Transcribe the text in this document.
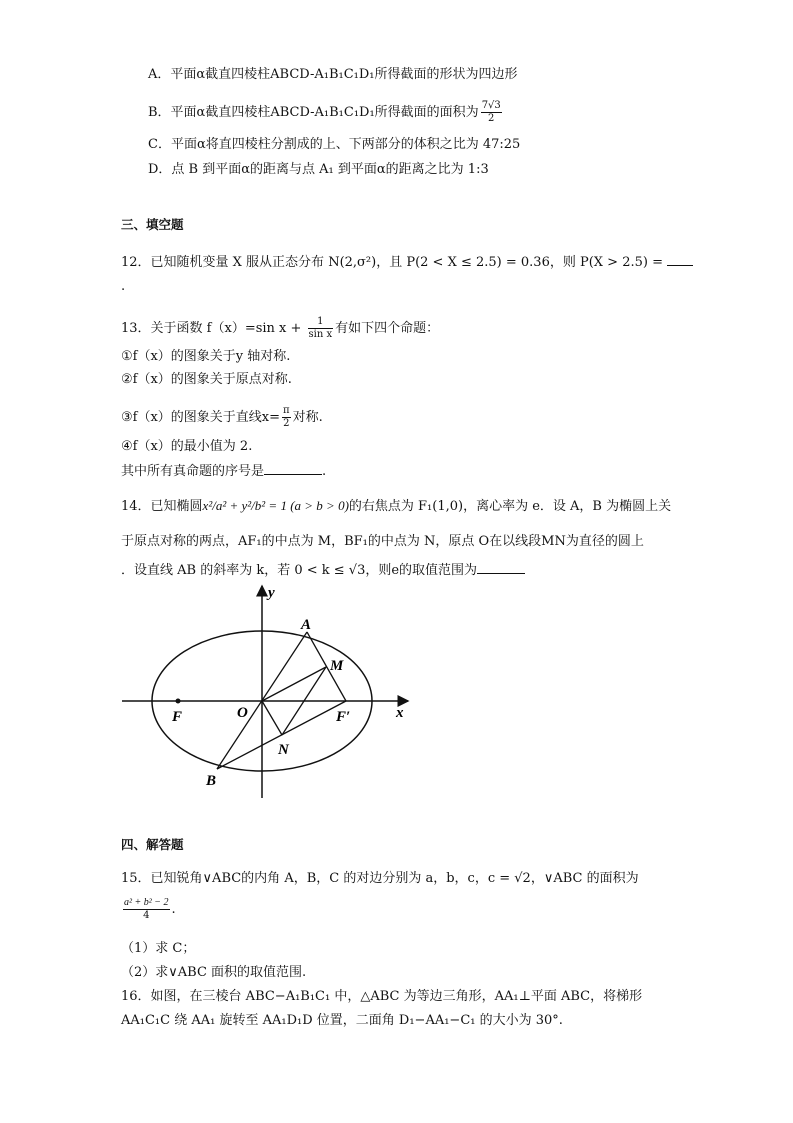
A．平面α截直四棱柱ABCD-A₁B₁C₁D₁所得截面的形状为四边形
B．平面α截直四棱柱ABCD-A₁B₁C₁D₁所得截面的面积为 $\frac{7√3}{2}$
C．平面α将直四棱柱分割成的上、下两部分的体积之比为 47:25
D．点 B 到平面α的距离与点 A₁ 到平面α的距离之比为 1:3
三、填空题
12．已知随机变量 X 服从正态分布 N(2,σ²)，且 P(2 < X ≤ 2.5) = 0.36，则 P(X > 2.5) =
.
13．关于函数 f（x）=sin $x + \frac{1}{\text{sin x}}$ 有如下四个命题：
①f（x）的图象关于y 轴对称.
②f（x）的图象关于原点对称.
③f（x）的图象关于直线$x= \frac{\pi}{2}$ 对称.
④f（x）的最小值为 2.
其中所有真命题的序号是	.
14．已知椭圆x²/a² + y²/b² = 1 (a > b > 0)的右焦点为 F₁(1,0)，离心率为 e．设 A，B 为椭圆上关
于原点对称的两点，AF₁的中点为 M，BF₁的中点为 N，原点 O在以线段MN为直径的圆上
．设直线 AB 的斜率为 k，若 0 < k ≤ √3，则e的取值范围为
y
x
A
M
F	O	F′
N
B
四、解答题
15．已知锐角∨ABC的内角 A，B，C 的对边分别为 a，b，c，c = √2，∨ABC 的面积为
$\frac{\text{a² + b² − 2}}{4}$ .
（1）求 C；
（2）求∨ABC 面积的取值范围.
16．如图，在三棱台 ABC−A₁B₁C₁ 中，△ABC 为等边三角形，AA₁⊥平面 ABC，将梯形
AA₁C₁C 绕 AA₁ 旋转至 AA₁D₁D 位置，二面角 D₁−AA₁−C₁ 的大小为 30°.
